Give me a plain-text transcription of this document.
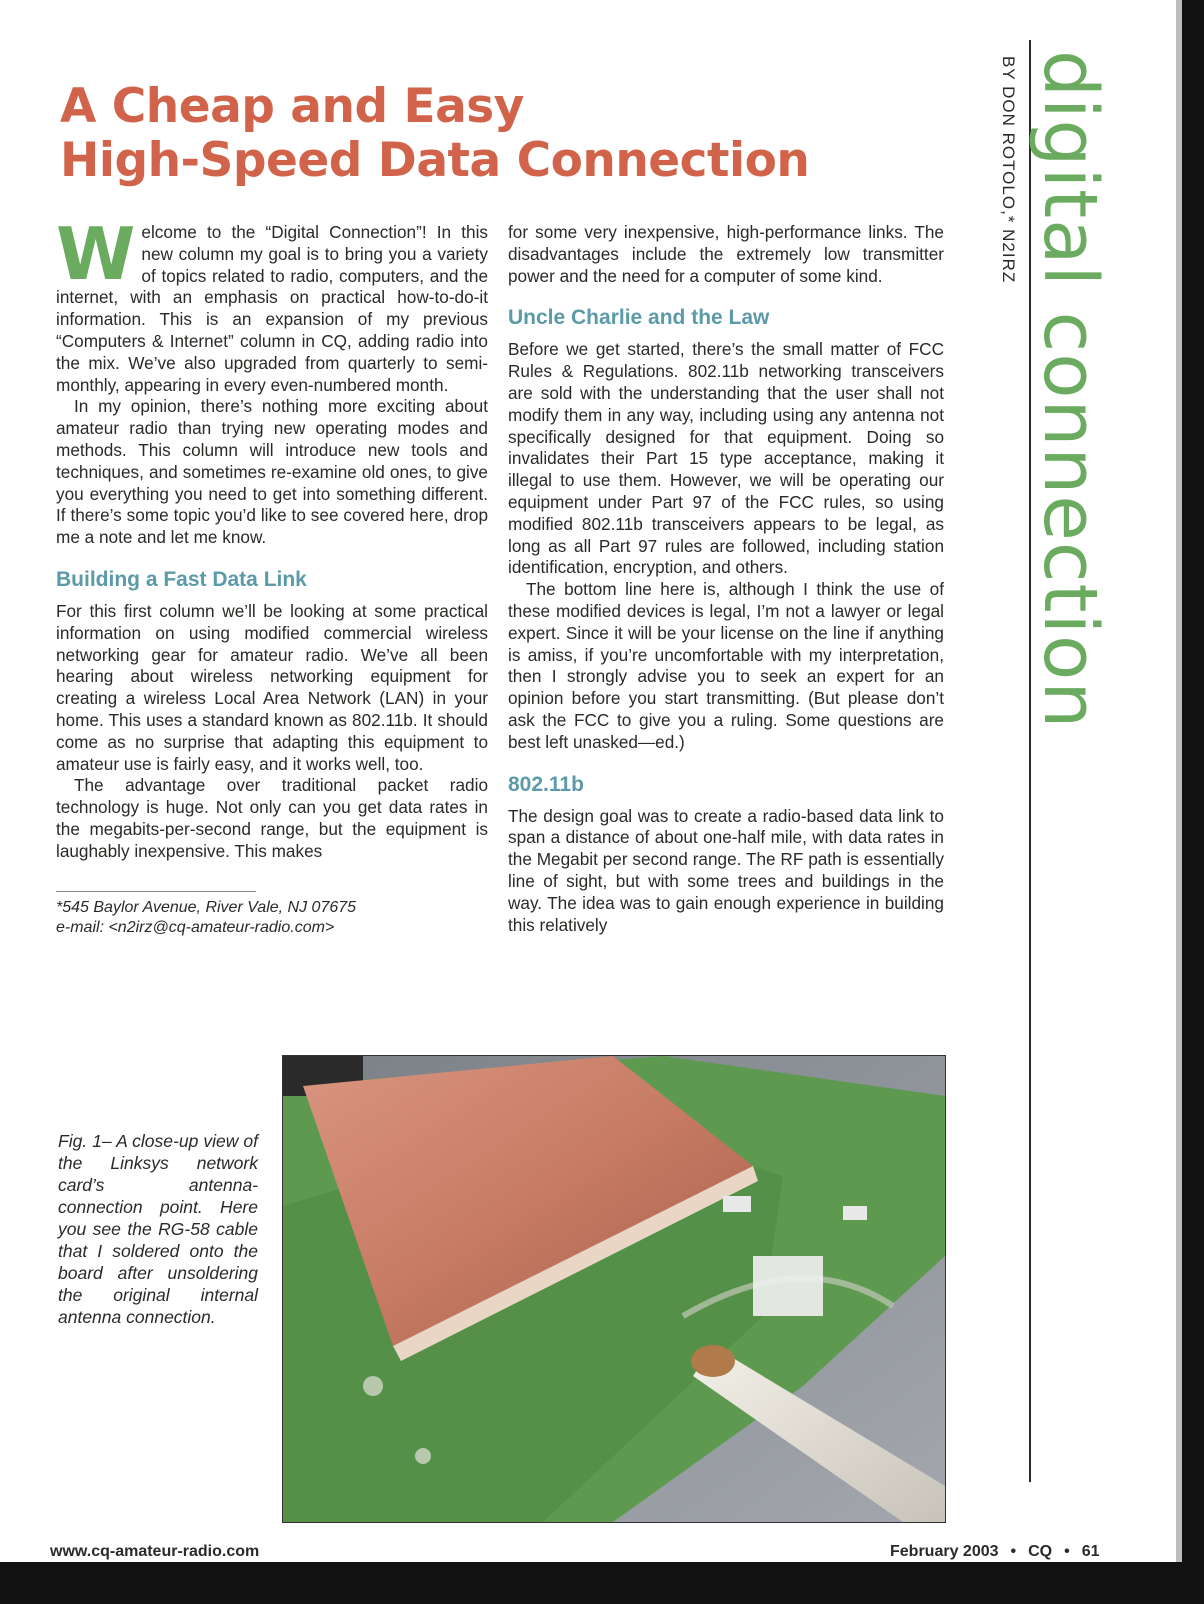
A Cheap and Easy
High-Speed Data Connection

Welcome to the “Digital Connection”! In this new column my goal is to bring you a variety of topics related to radio, computers, and the internet, with an emphasis on practical how-to-do-it information. This is an expansion of my previous “Computers & Internet” column in CQ, adding radio into the mix. We’ve also upgraded from quarterly to semi-monthly, appearing in every even-numbered month.

In my opinion, there’s nothing more exciting about amateur radio than trying new operating modes and methods. This column will introduce new tools and techniques, and sometimes re-examine old ones, to give you everything you need to get into something different. If there’s some topic you’d like to see covered here, drop me a note and let me know.

Building a Fast Data Link

For this first column we’ll be looking at some practical information on using modified commercial wireless networking gear for amateur radio. We’ve all been hearing about wireless networking equipment for creating a wireless Local Area Network (LAN) in your home. This uses a standard known as 802.11b. It should come as no surprise that adapting this equipment to amateur use is fairly easy, and it works well, too.

The advantage over traditional packet radio technology is huge. Not only can you get data rates in the megabits-per-second range, but the equipment is laughably inexpensive. This makes

*545 Baylor Avenue, River Vale, NJ 07675
e-mail: <n2irz@cq-amateur-radio.com>

for some very inexpensive, high-performance links. The disadvantages include the extremely low transmitter power and the need for a computer of some kind.

Uncle Charlie and the Law

Before we get started, there’s the small matter of FCC Rules & Regulations. 802.11b networking transceivers are sold with the understanding that the user shall not modify them in any way, including using any antenna not specifically designed for that equipment. Doing so invalidates their Part 15 type acceptance, making it illegal to use them. However, we will be operating our equipment under Part 97 of the FCC rules, so using modified 802.11b transceivers appears to be legal, as long as all Part 97 rules are followed, including station identification, encryption, and others.

The bottom line here is, although I think the use of these modified devices is legal, I’m not a lawyer or legal expert. Since it will be your license on the line if anything is amiss, if you’re uncomfortable with my interpretation, then I strongly advise you to seek an expert for an opinion before you start transmitting. (But please don’t ask the FCC to give you a ruling. Some questions are best left unasked—ed.)

802.11b

The design goal was to create a radio-based data link to span a distance of about one-half mile, with data rates in the Megabit per second range. The RF path is essentially line of sight, but with some trees and buildings in the way. The idea was to gain enough experience in building this relatively

BY DON ROTOLO,* N2IRZ digital connection
Fig. 1– A close-up view of the Linksys network card’s antenna-connection point. Here you see the RG-58 cable that I soldered onto the board after unsoldering the original internal antenna connection.
www.cq-amateur-radio.com	February 2003 • CQ • 61
